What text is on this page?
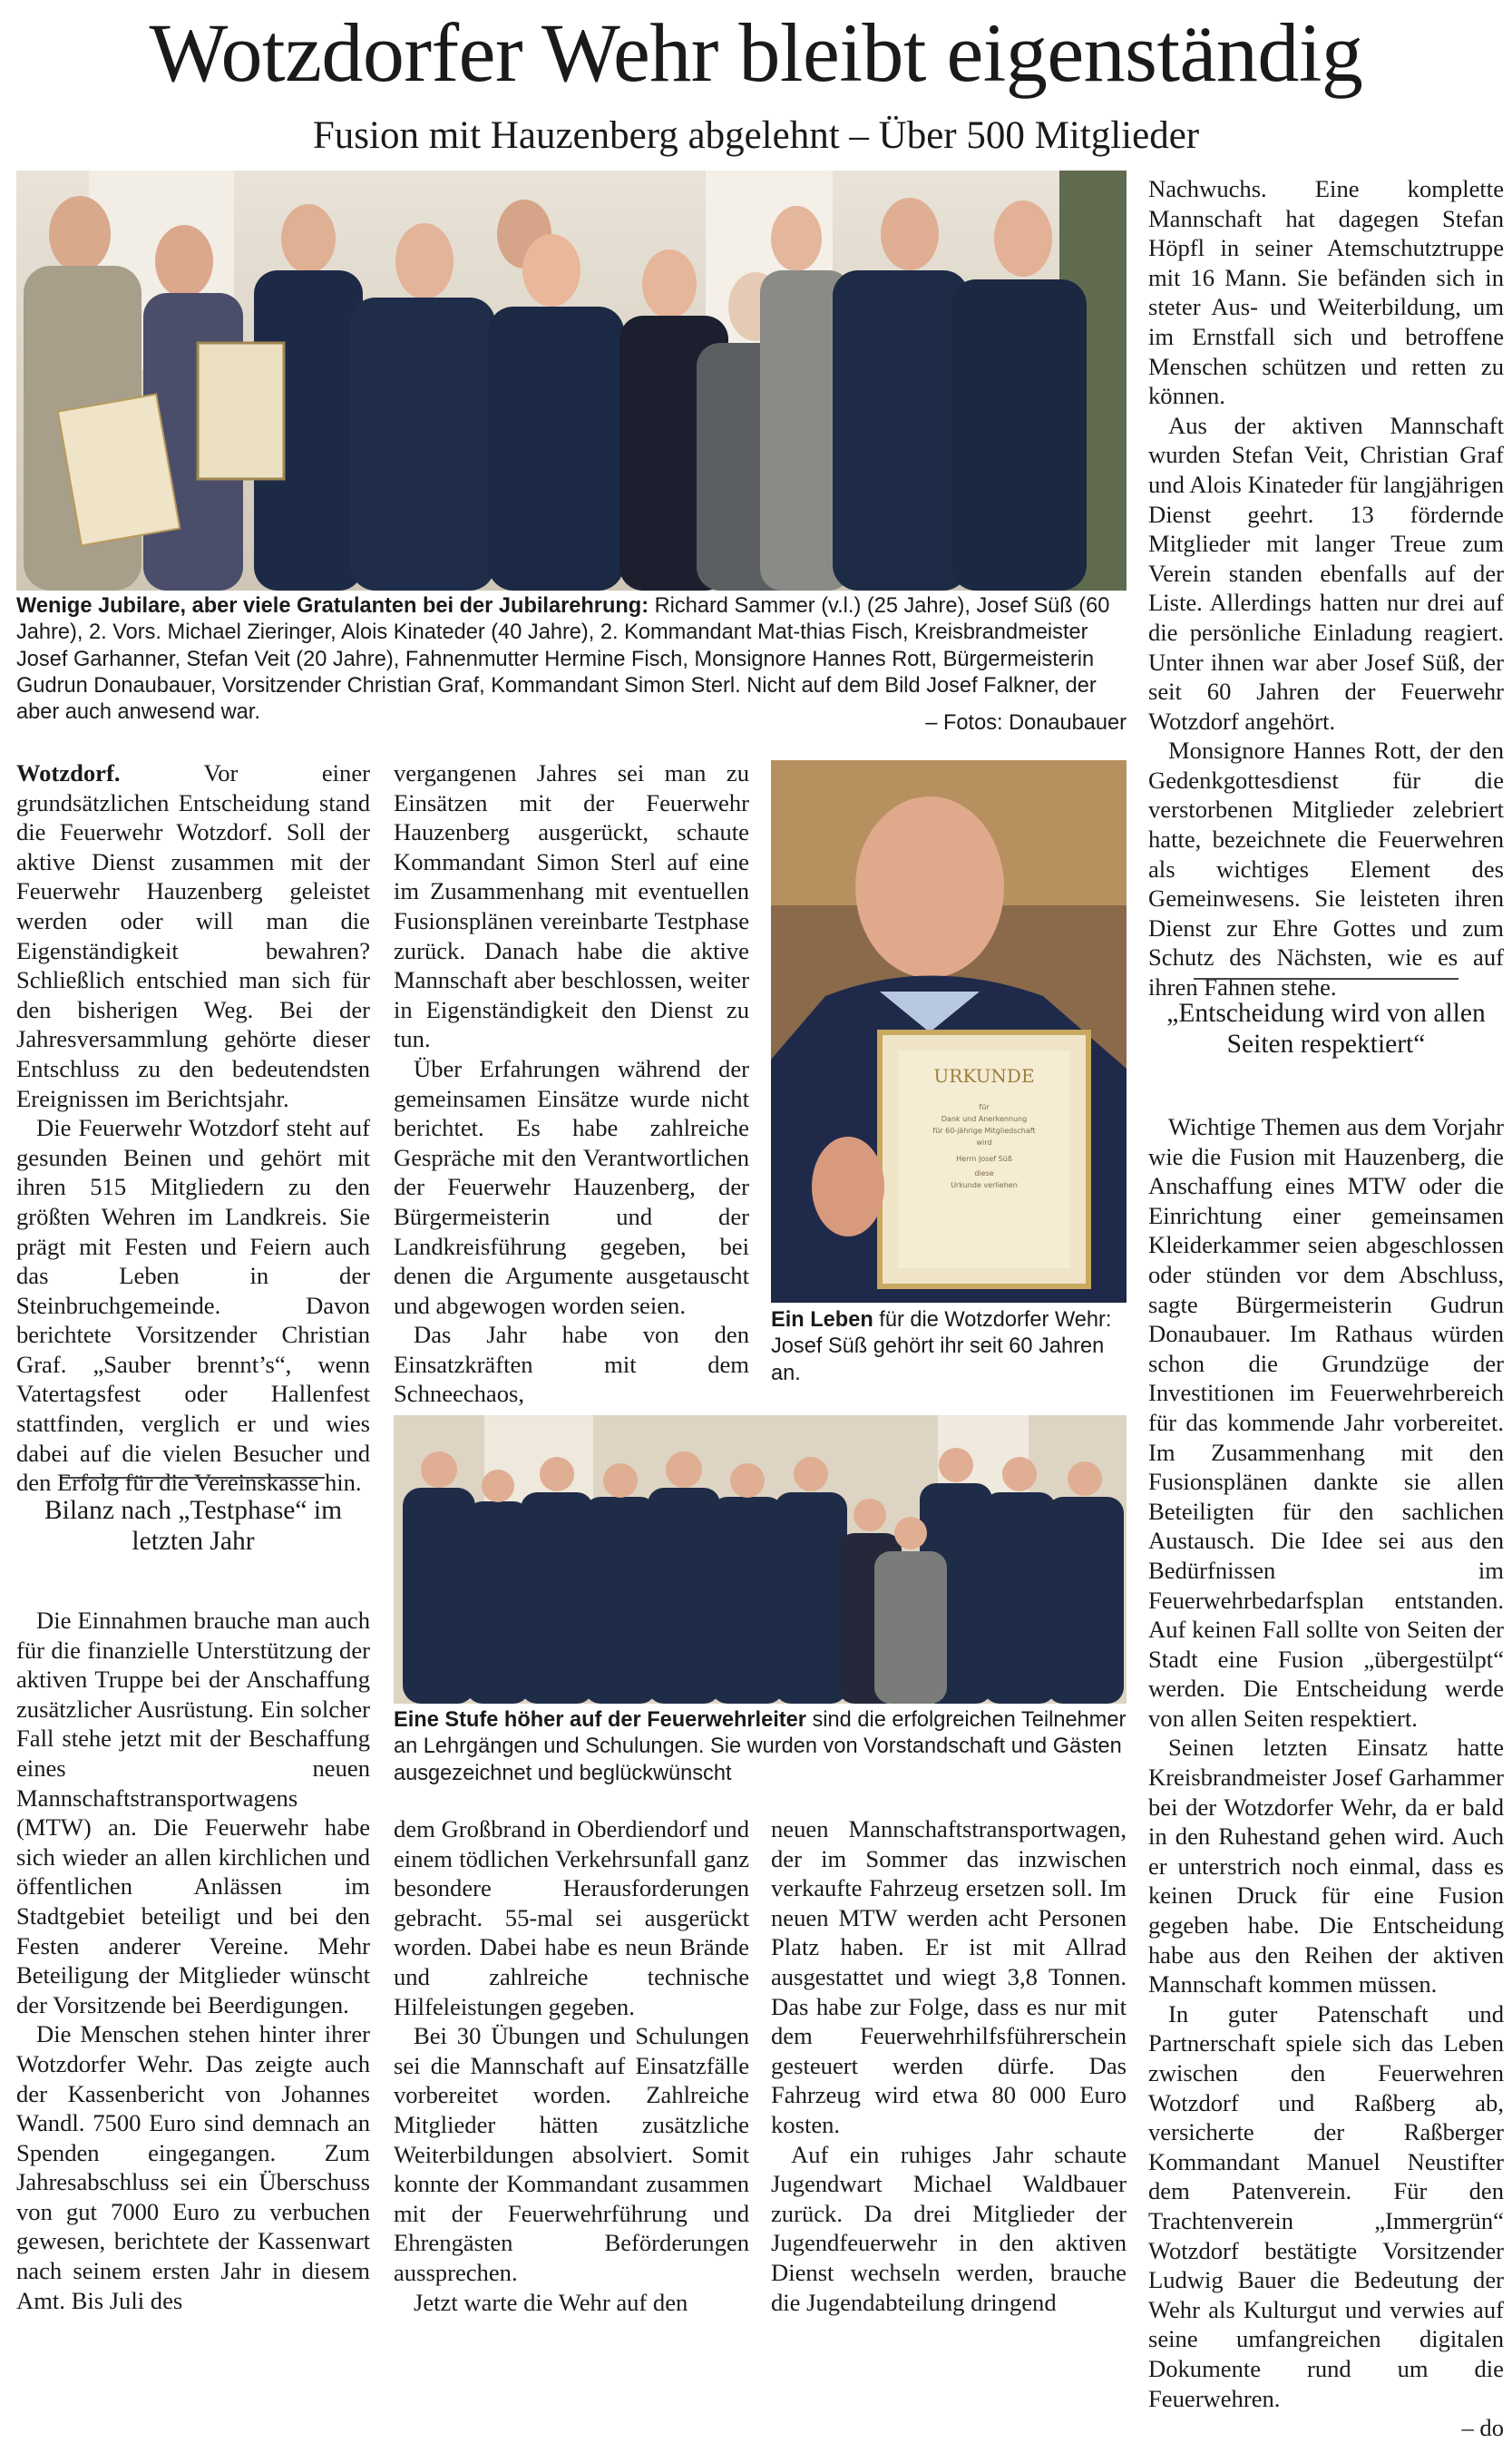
Wotzdorfer Wehr bleibt eigenständig
Fusion mit Hauzenberg abgelehnt – Über 500 Mitglieder
Wenige Jubilare, aber viele Gratulanten bei der Jubilarehrung: Richard Sammer (v.l.) (25 Jahre), Josef Süß (60 Jahre), 2. Vors. Michael Zieringer, Alois Kinateder (40 Jahre), 2. Kommandant Mat-thias Fisch, Kreisbrandmeister Josef Garhanner, Stefan Veit (20 Jahre), Fahnenmutter Hermine Fisch, Monsignore Hannes Rott, Bürgermeisterin Gudrun Donaubauer, Vorsitzender Christian Graf, Kommandant Simon Sterl. Nicht auf dem Bild Josef Falkner, der aber auch anwesend war.	– Fotos: Donaubauer
URKUNDE
für
Dank und Anerkennung
für 60-jährige Mitgliedschaft
wird
Herrn Josef Süß
diese
Urkunde verliehen
Ein Leben für die Wotzdorfer Wehr: Josef Süß gehört ihr seit 60 Jahren an.
Eine Stufe höher auf der Feuerwehrleiter sind die erfolgreichen Teilnehmer an Lehrgängen und Schulungen. Sie wurden von Vorstandschaft und Gästen ausgezeichnet und beglückwünscht

Wotzdorf. Vor einer grundsätzlichen Entscheidung stand die Feuerwehr Wotzdorf. Soll der aktive Dienst zusammen mit der Feuerwehr Hauzenberg geleistet werden oder will man die Eigenständigkeit bewahren? Schließlich entschied man sich für den bisherigen Weg. Bei der Jahresversammlung gehörte dieser Entschluss zu den bedeutendsten Ereignissen im Berichtsjahr.

Die Feuerwehr Wotzdorf steht auf gesunden Beinen und gehört mit ihren 515 Mitgliedern zu den größten Wehren im Landkreis. Sie prägt mit Festen und Feiern auch das Leben in der Steinbruchgemeinde. Davon berichtete Vorsitzender Christian Graf. „Sauber brennt’s“, wenn Vatertagsfest oder Hallenfest stattfinden, verglich er und wies dabei auf die vielen Besucher und den Erfolg für die Vereinskasse hin.

Bilanz nach „Testphase“ im letzten Jahr

Die Einnahmen brauche man auch für die finanzielle Unterstützung der aktiven Truppe bei der Anschaffung zusätzlicher Ausrüstung. Ein solcher Fall stehe jetzt mit der Beschaffung eines neuen Mannschaftstransportwagens (MTW) an. Die Feuerwehr habe sich wieder an allen kirchlichen und öffentlichen Anlässen im Stadtgebiet beteiligt und bei den Festen anderer Vereine. Mehr Beteiligung der Mitglieder wünscht der Vorsitzende bei Beerdigungen.

Die Menschen stehen hinter ihrer Wotzdorfer Wehr. Das zeigte auch der Kassenbericht von Johannes Wandl. 7500 Euro sind demnach an Spenden eingegangen. Zum Jahresabschluss sei ein Überschuss von gut 7000 Euro zu verbuchen gewesen, berichtete der Kassenwart nach seinem ersten Jahr in diesem Amt. Bis Juli des

vergangenen Jahres sei man zu Einsätzen mit der Feuerwehr Hauzenberg ausgerückt, schaute Kommandant Simon Sterl auf eine im Zusammenhang mit eventuellen Fusionsplänen vereinbarte Testphase zurück. Danach habe die aktive Mannschaft aber beschlossen, weiter in Eigenständigkeit den Dienst zu tun.

Über Erfahrungen während der gemeinsamen Einsätze wurde nicht berichtet. Es habe zahlreiche Gespräche mit den Verantwortlichen der Feuerwehr Hauzenberg, der Bürgermeisterin und der Landkreisführung gegeben, bei denen die Argumente ausgetauscht und abgewogen worden seien.

Das Jahr habe von den Einsatzkräften mit dem Schneechaos,

dem Großbrand in Oberdiendorf und einem tödlichen Verkehrsunfall ganz besondere Herausforderungen gebracht. 55-mal sei ausgerückt worden. Dabei habe es neun Brände und zahlreiche technische Hilfeleistungen gegeben.

Bei 30 Übungen und Schulungen sei die Mannschaft auf Einsatzfälle vorbereitet worden. Zahlreiche Mitglieder hätten zusätzliche Weiterbildungen absolviert. Somit konnte der Kommandant zusammen mit der Feuerwehrführung und Ehrengästen Beförderungen aussprechen.

Jetzt warte die Wehr auf den

neuen Mannschaftstransportwagen, der im Sommer das inzwischen verkaufte Fahrzeug ersetzen soll. Im neuen MTW werden acht Personen Platz haben. Er ist mit Allrad ausgestattet und wiegt 3,8 Tonnen. Das habe zur Folge, dass es nur mit dem Feuerwehrhilfsführerschein gesteuert werden dürfe. Das Fahrzeug wird etwa 80 000 Euro kosten.

Auf ein ruhiges Jahr schaute Jugendwart Michael Waldbauer zurück. Da drei Mitglieder der Jugendfeuerwehr in den aktiven Dienst wechseln werden, brauche die Jugendabteilung dringend

Nachwuchs. Eine komplette Mannschaft hat dagegen Stefan Höpfl in seiner Atemschutztruppe mit 16 Mann. Sie befänden sich in steter Aus- und Weiterbildung, um im Ernstfall sich und betroffene Menschen schützen und retten zu können.

Aus der aktiven Mannschaft wurden Stefan Veit, Christian Graf und Alois Kinateder für langjährigen Dienst geehrt. 13 fördernde Mitglieder mit langer Treue zum Verein standen ebenfalls auf der Liste. Allerdings hatten nur drei auf die persönliche Einladung reagiert. Unter ihnen war aber Josef Süß, der seit 60 Jahren der Feuerwehr Wotzdorf angehört.

Monsignore Hannes Rott, der den Gedenkgottesdienst für die verstorbenen Mitglieder zelebriert hatte, bezeichnete die Feuerwehren als wichtiges Element des Gemeinwesens. Sie leisteten ihren Dienst zur Ehre Gottes und zum Schutz des Nächsten, wie es auf ihren Fahnen stehe.

„Entscheidung wird von allen Seiten respektiert“

Wichtige Themen aus dem Vorjahr wie die Fusion mit Hauzenberg, die Anschaffung eines MTW oder die Einrichtung einer gemeinsamen Kleiderkammer seien abgeschlossen oder stünden vor dem Abschluss, sagte Bürgermeisterin Gudrun Donaubauer. Im Rathaus würden schon die Grundzüge der Investitionen im Feuerwehrbereich für das kommende Jahr vorbereitet. Im Zusammenhang mit den Fusionsplänen dankte sie allen Beteiligten für den sachlichen Austausch. Die Idee sei aus den Bedürfnissen im Feuerwehrbedarfsplan entstanden. Auf keinen Fall sollte von Seiten der Stadt eine Fusion „übergestülpt“ werden. Die Entscheidung werde von allen Seiten respektiert.

Seinen letzten Einsatz hatte Kreisbrandmeister Josef Garhammer bei der Wotzdorfer Wehr, da er bald in den Ruhestand gehen wird. Auch er unterstrich noch einmal, dass es keinen Druck für eine Fusion gegeben habe. Die Entscheidung habe aus den Reihen der aktiven Mannschaft kommen müssen.

In guter Patenschaft und Partnerschaft spiele sich das Leben zwischen den Feuerwehren Wotzdorf und Raßberg ab, versicherte der Raßberger Kommandant Manuel Neustifter dem Patenverein. Für den Trachtenverein „Immergrün“ Wotzdorf bestätigte Vorsitzender Ludwig Bauer die Bedeutung der Wehr als Kulturgut und verwies auf seine umfangreichen digitalen Dokumente rund um die Feuerwehren.

– do
